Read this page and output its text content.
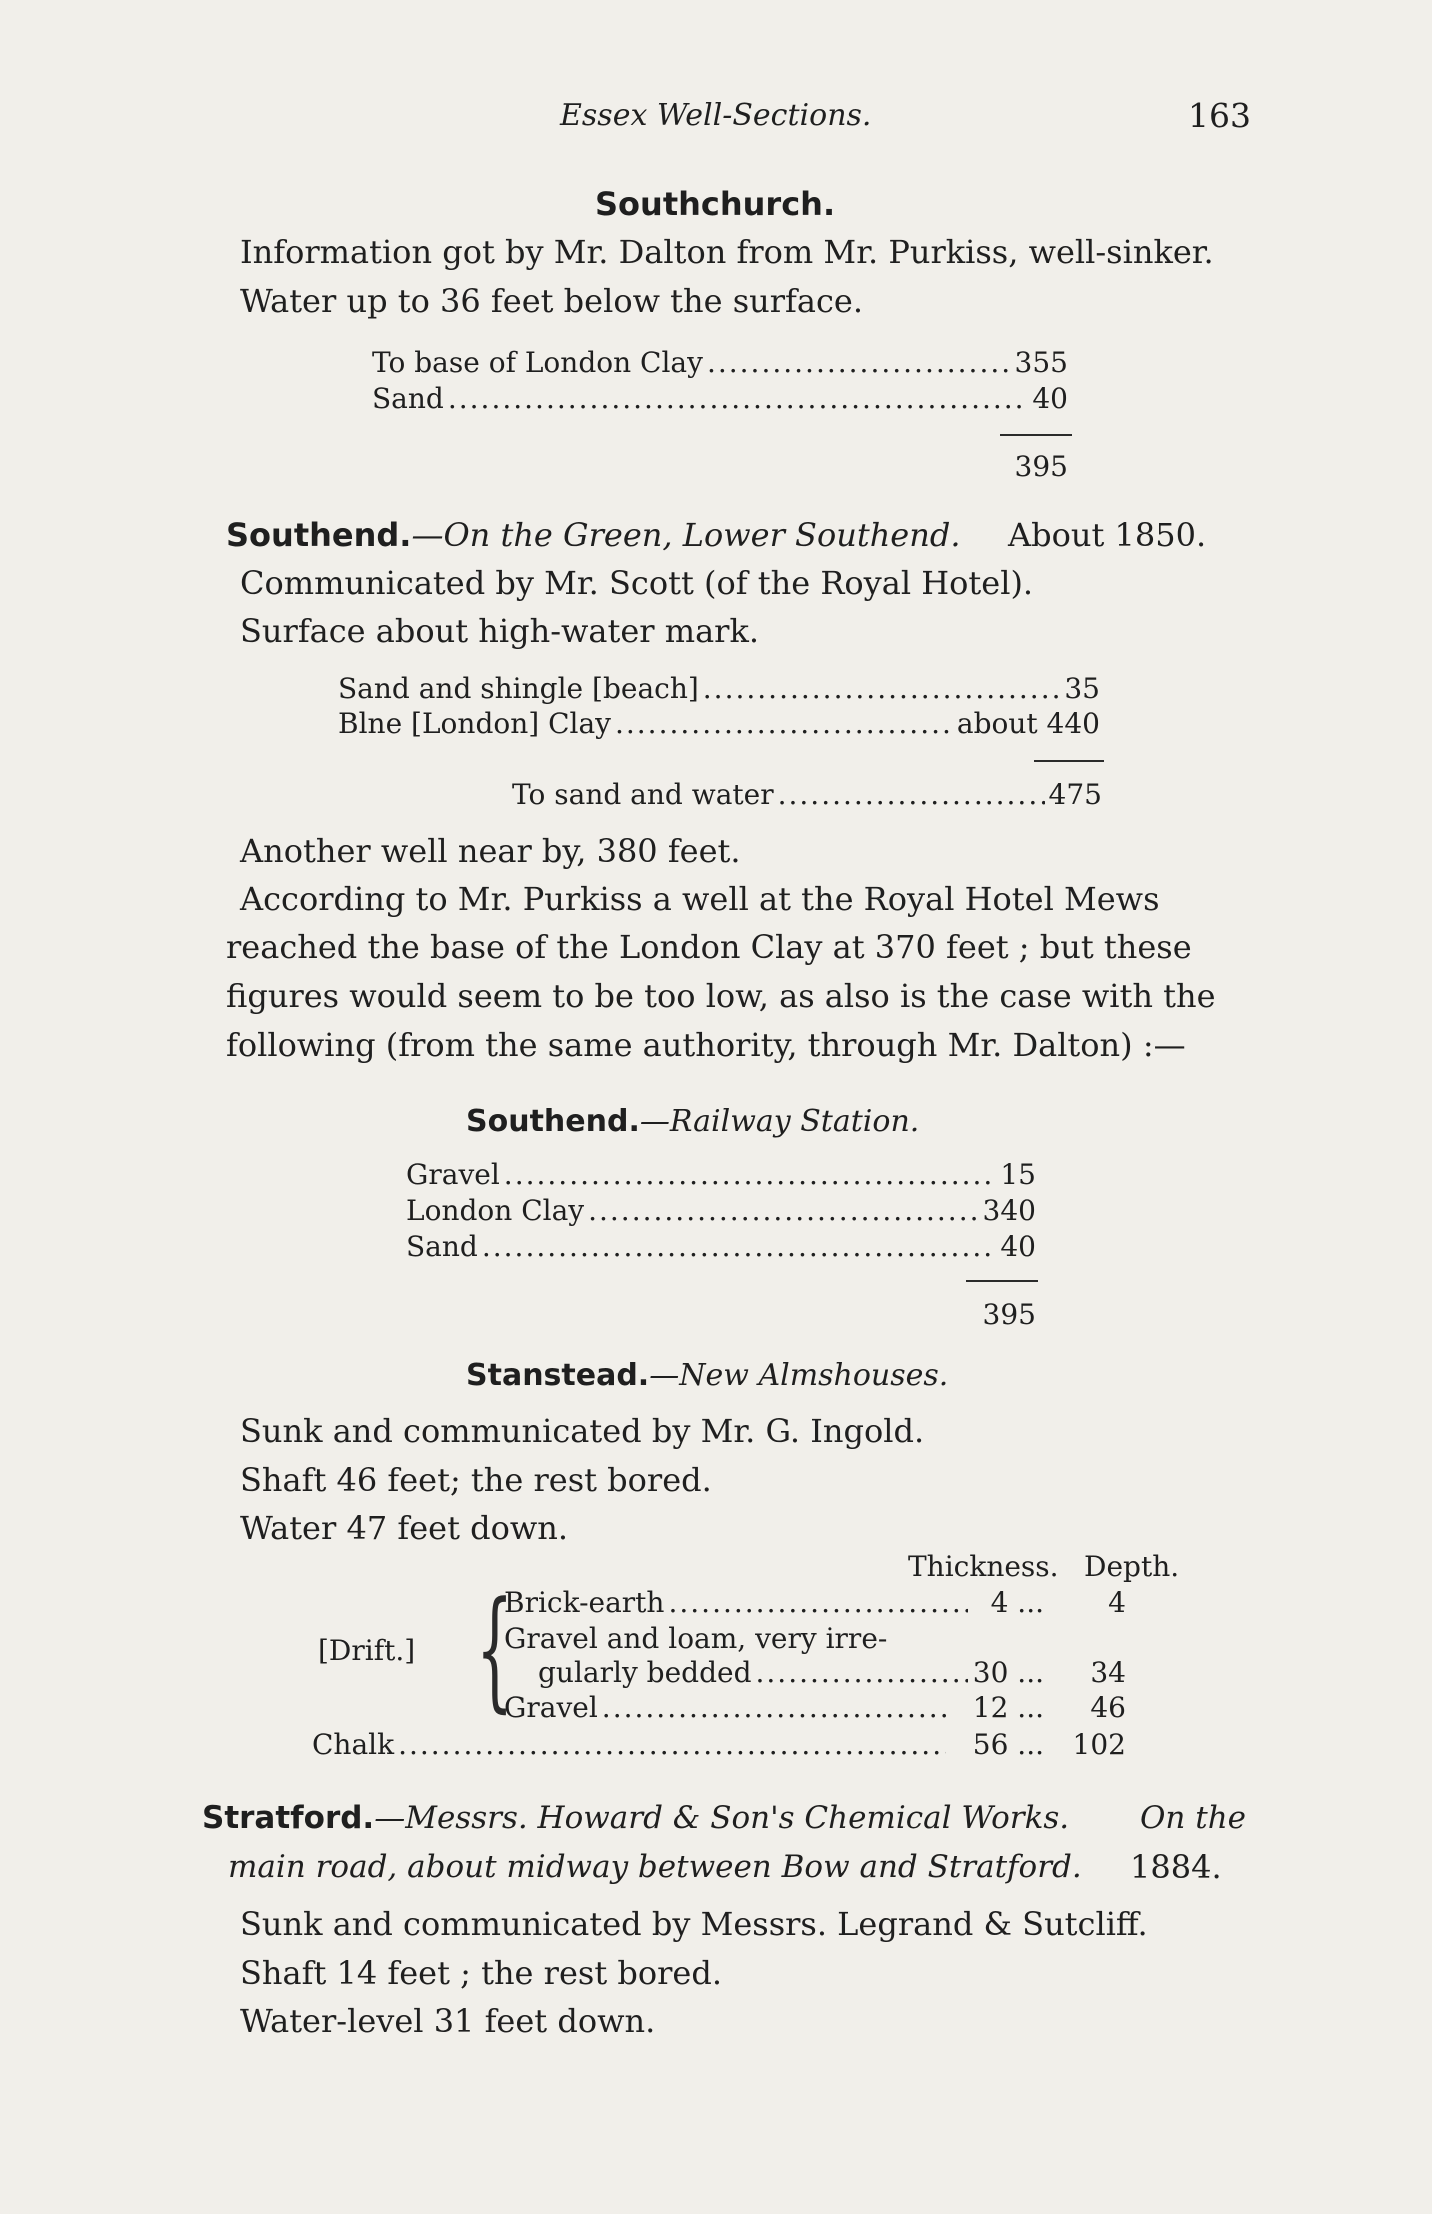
Essex Well-Sections.	163
Southchurch.
Information got by Mr. Dalton from Mr. Purkiss, well-sinker.
Water up to 36 feet below the surface.
To base of London Clay .....	355
Sand .....	40
395
Southend.—On the Green, Lower Southend. About 1850.
Communicated by Mr. Scott (of the Royal Hotel).
Surface about high-water mark.
Sand and shingle [beach] .....	35
Blne [London] Clay .....	about 440
To sand and water .....	475
Another well near by, 380 feet.
According to Mr. Purkiss a well at the Royal Hotel Mews
reached the base of the London Clay at 370 feet ; but these
figures would seem to be too low, as also is the case with the
following (from the same authority, through Mr. Dalton) :—
Southend.—Railway Station.
Gravel .....	15
London Clay .....	340
Sand .....	40
395
Stanstead.—New Almshouses.
Sunk and communicated by Mr. G. Ingold.
Shaft 46 feet; the rest bored.
Water 47 feet down.
Thickness. Depth.
[Drift.] {
Brick-earth .....	4 ...	4
Gravel and loam, very irre-
gularly bedded .....	30 ...	34
Gravel .....	12 ...	46
Chalk .....	56 ... 102
Stratford.—Messrs. Howard & Son's Chemical Works. On the
main road, about midway between Bow and Stratford. 1884.
Sunk and communicated by Messrs. Legrand & Sutcliff.
Shaft 14 feet ; the rest bored.
Water-level 31 feet down.
